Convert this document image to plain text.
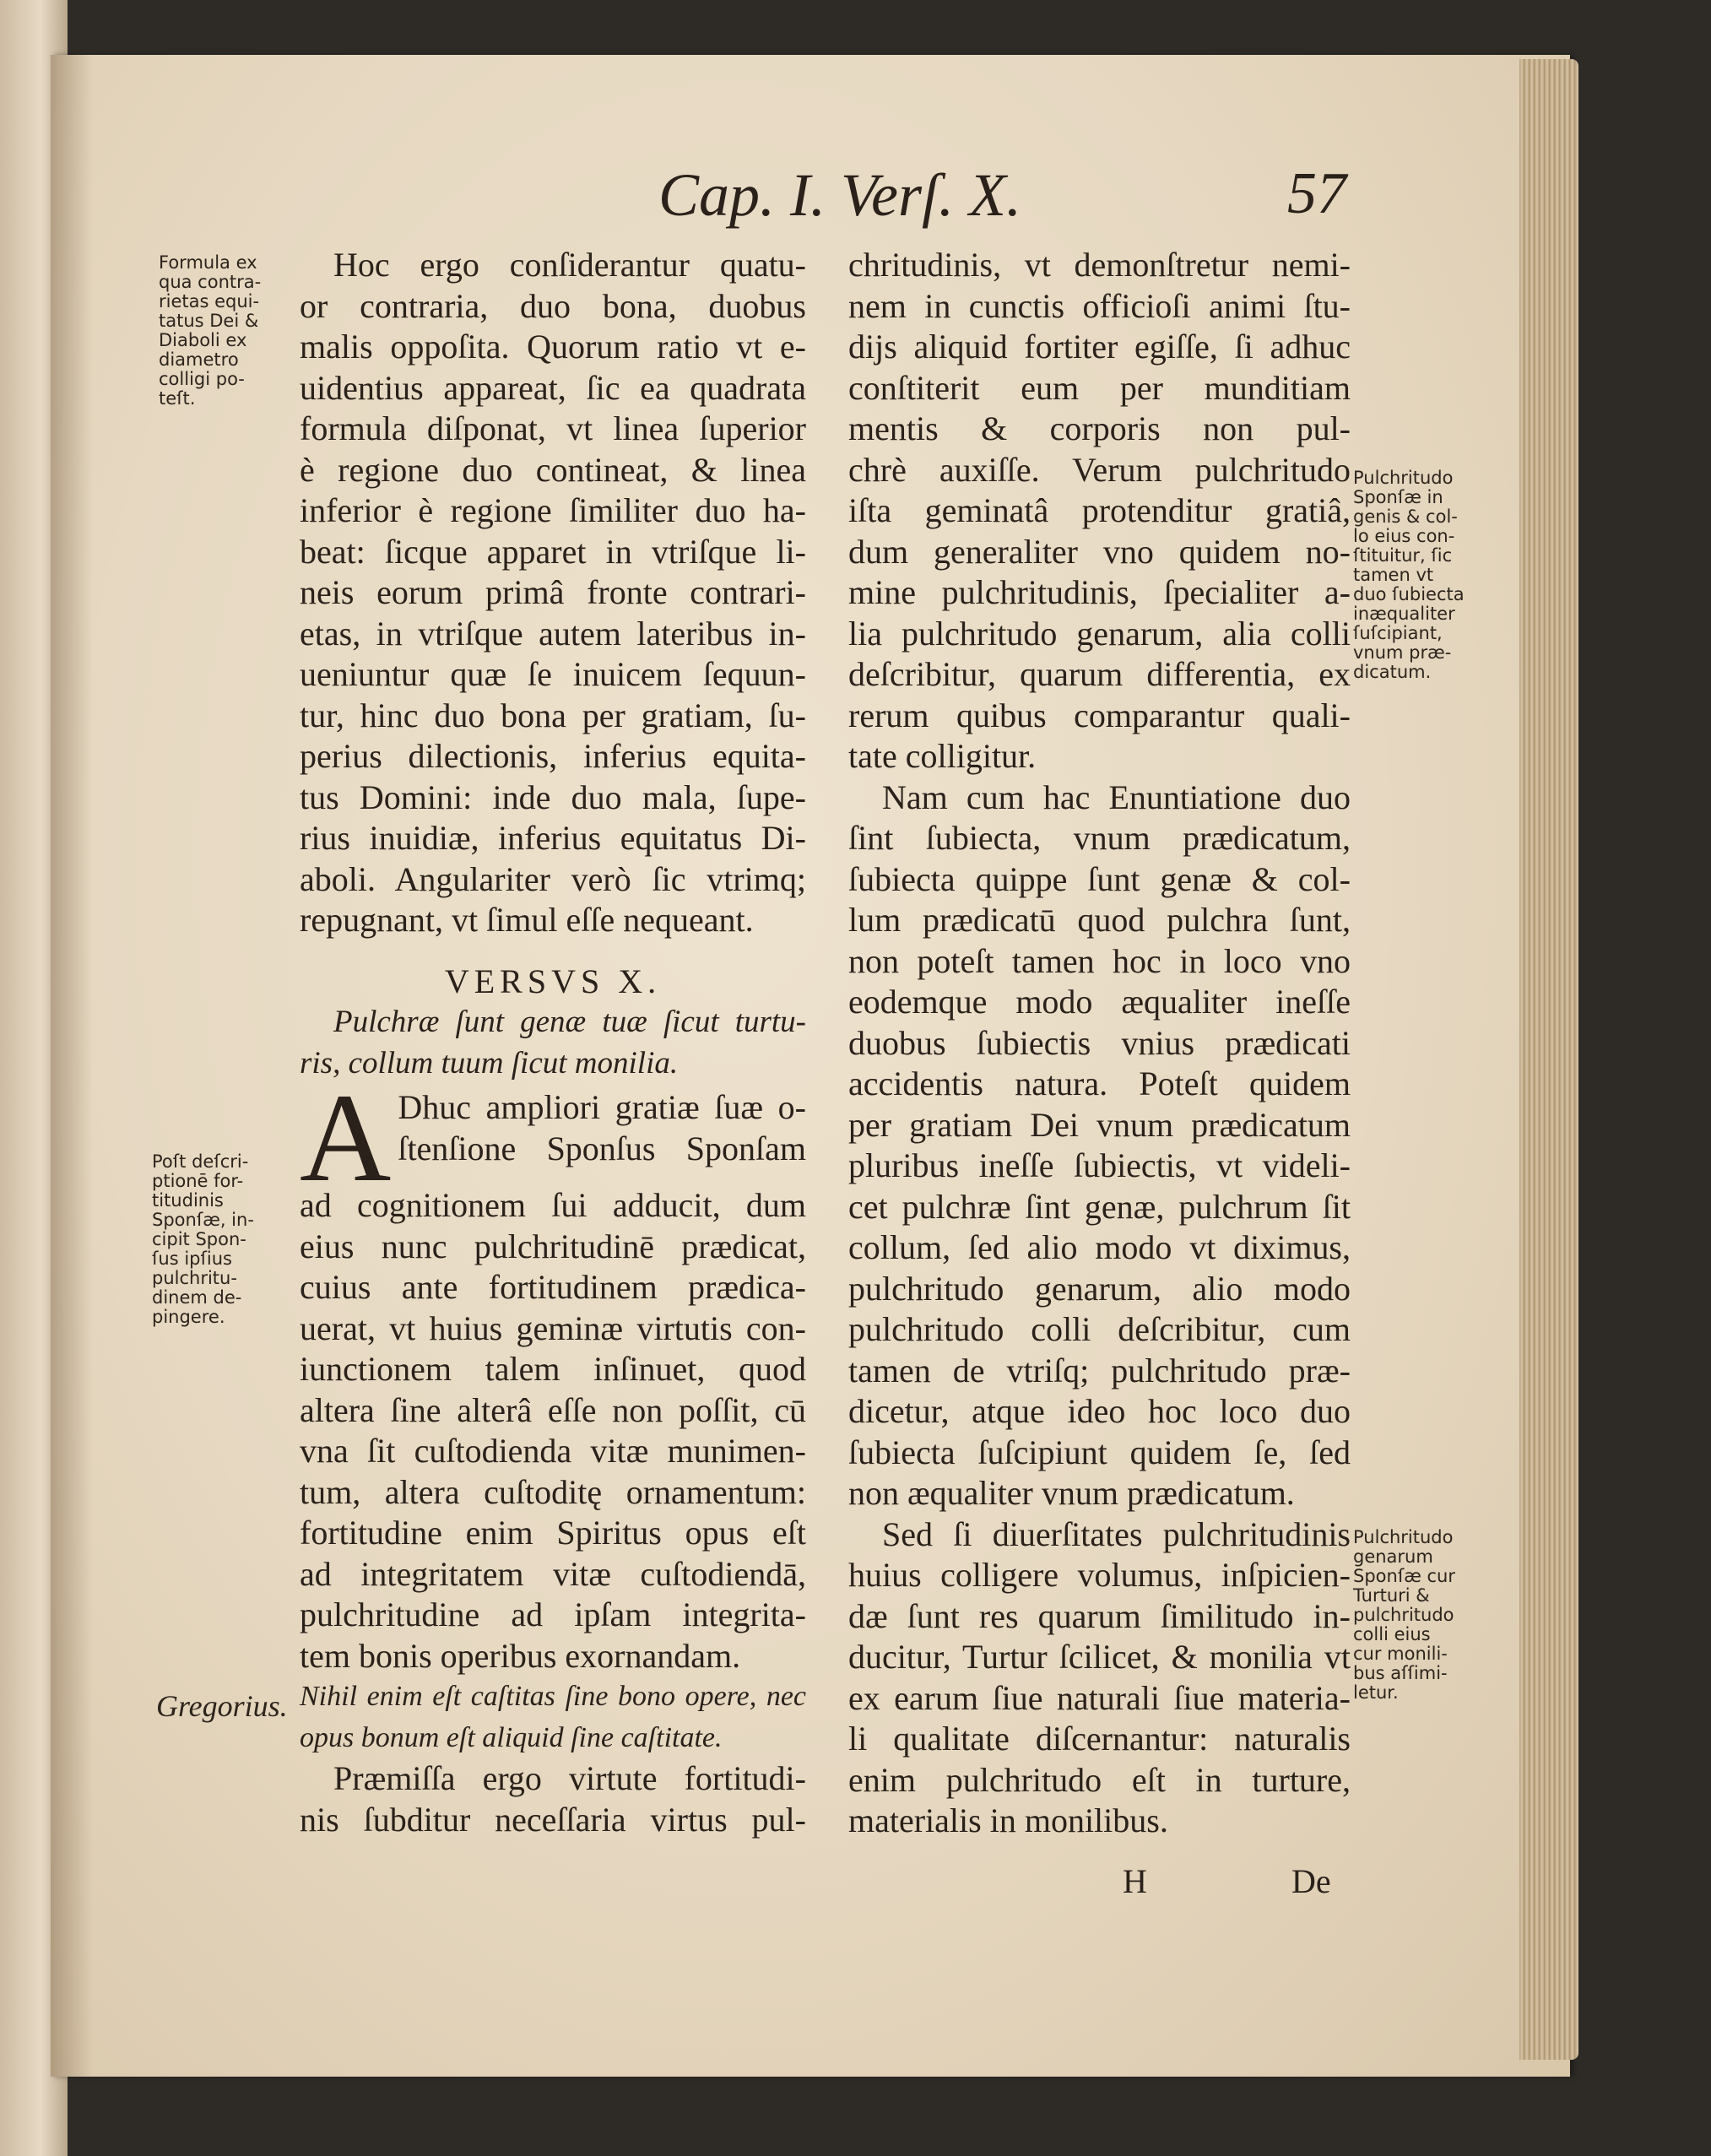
Cap. I. Verſ. X.	57
Hoc ergo conſiderantur quatu-
or contraria, duo bona, duobus
malis oppoſita. Quorum ratio vt e-
uidentius appareat, ſic ea quadrata
formula diſponat, vt linea ſuperior
è regione duo contineat, & linea
inferior è regione ſimiliter duo ha-
beat: ſicque apparet in vtriſque li-
neis eorum primâ fronte contrari-
etas, in vtriſque autem lateribus in-
ueniuntur quæ ſe inuicem ſequun-
tur, hinc duo bona per gratiam, ſu-
perius dilectionis, inferius equita-
tus Domini: inde duo mala, ſupe-
rius inuidiæ, inferius equitatus Di-
aboli. Angulariter verò ſic vtrimq;
repugnant, vt ſimul eſſe nequeant.
VERSVS X.
Pulchræ ſunt genæ tuæ ſicut turtu-
ris, collum tuum ſicut monilia.
A Dhuc ampliori gratiæ ſuæ o-
ſtenſione Sponſus Sponſam
ad cognitionem ſui adducit, dum
eius nunc pulchritudinē prædicat,
cuius ante fortitudinem prædica-
uerat, vt huius geminæ virtutis con-
iunctionem talem inſinuet, quod
altera ſine alterâ eſſe non poſſit, cū
vna ſit cuſtodienda vitæ munimen-
tum, altera cuſtoditę ornamentum:
fortitudine enim Spiritus opus eſt
ad integritatem vitæ cuſtodiendā,
pulchritudine ad ipſam integrita-
tem bonis operibus exornandam.
Nihil enim eſt caſtitas ſine bono opere, nec
opus bonum eſt aliquid ſine caſtitate.
Præmiſſa ergo virtute fortitudi-
nis ſubditur neceſſaria virtus pul-
chritudinis, vt demonſtretur nemi-
nem in cunctis officioſi animi ſtu-
dijs aliquid fortiter egiſſe, ſi adhuc
conſtiterit eum per munditiam
mentis & corporis non pul-
chrè auxiſſe. Verum pulchritudo
iſta geminatâ protenditur gratiâ,
dum generaliter vno quidem no-
mine pulchritudinis, ſpecialiter a-
lia pulchritudo genarum, alia colli
deſcribitur, quarum differentia, ex
rerum quibus comparantur quali-
tate colligitur.
Nam cum hac Enuntiatione duo
ſint ſubiecta, vnum prædicatum,
ſubiecta quippe ſunt genæ & col-
lum prædicatū quod pulchra ſunt,
non poteſt tamen hoc in loco vno
eodemque modo æqualiter ineſſe
duobus ſubiectis vnius prædicati
accidentis natura. Poteſt quidem
per gratiam Dei vnum prædicatum
pluribus ineſſe ſubiectis, vt videli-
cet pulchræ ſint genæ, pulchrum ſit
collum, ſed alio modo vt diximus,
pulchritudo genarum, alio modo
pulchritudo colli deſcribitur, cum
tamen de vtriſq; pulchritudo præ-
dicetur, atque ideo hoc loco duo
ſubiecta ſuſcipiunt quidem ſe, ſed
non æqualiter vnum prædicatum.
Sed ſi diuerſitates pulchritudinis
huius colligere volumus, inſpicien-
dæ ſunt res quarum ſimilitudo in-
ducitur, Turtur ſcilicet, & monilia vt
ex earum ſiue naturali ſiue materia-
li qualitate diſcernantur: naturalis
enim pulchritudo eſt in turture,
materialis in monilibus.
Formula ex
qua contra-
rietas equi-
tatus Dei &
Diaboli ex
diametro
colligi po-
teſt.
Pulchritudo
Sponſæ in
genis & col-
lo eius con-
ſtituitur, ſic
tamen vt
duo ſubiecta
inæqualiter
ſuſcipiant,
vnum præ-
dicatum.
Poſt deſcri-
ptionē for-
titudinis
Sponſæ, in-
cipit Spon-
ſus ipſius
pulchritu-
dinem de-
pingere.
Pulchritudo
genarum
Sponſæ cur
Turturi &
pulchritudo
colli eius
cur monili-
bus aſſimi-
letur.
Gregorius.
H	De
